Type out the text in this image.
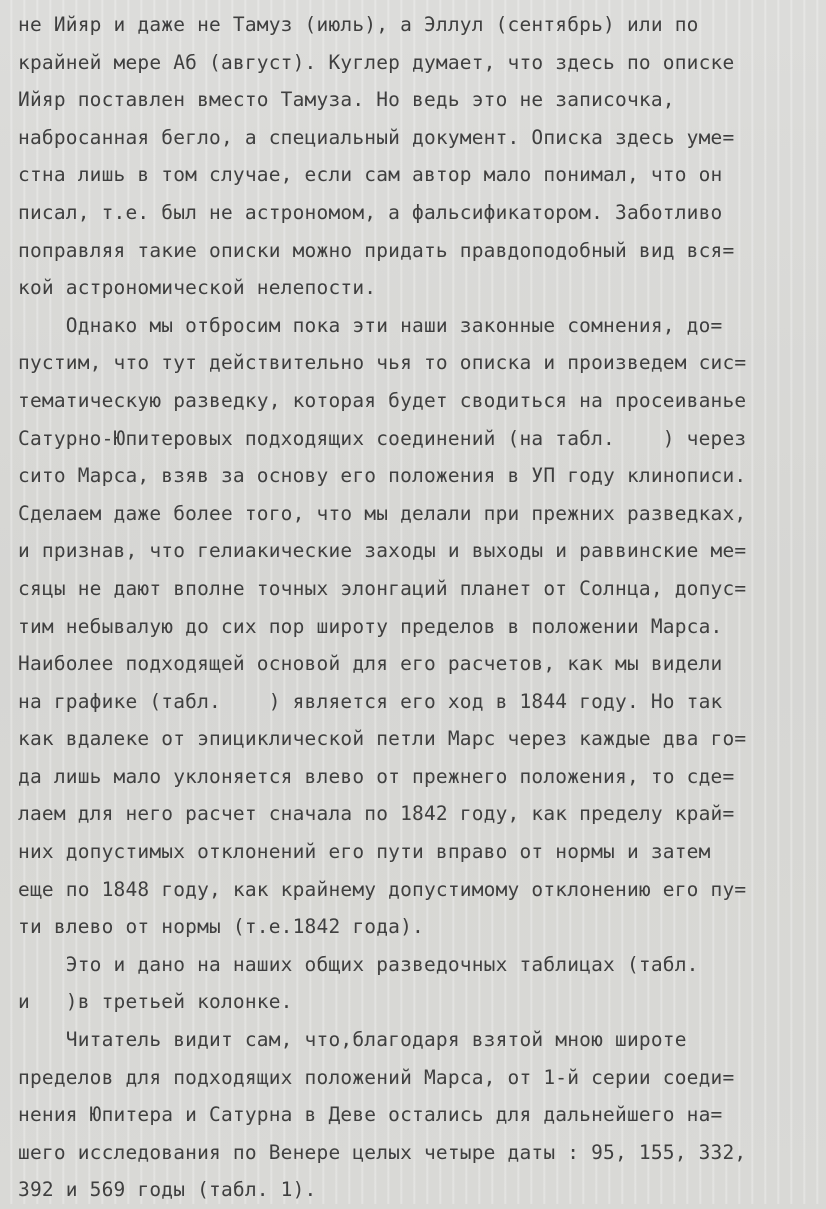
не Ийяр и даже не Тамуз (июль), а Эллул (сентябрь) или по
крайней мере Аб (август). Куглер думает, что здесь по описке
Ийяр поставлен вместо Тамуза. Но ведь это не записочка,
набросанная бегло, а специальный документ. Описка здесь уме=
стна лишь в том случае, если сам автор мало понимал, что он
писал, т.е. был не астрономом, а фальсификатором. Заботливо
поправляя такие описки можно придать правдоподобный вид вся=
кой астрономической нелепости.
Однако мы отбросим пока эти наши законные сомнения, до=
пустим, что тут действительно чья то описка и произведем сис=
тематическую разведку, которая будет сводиться на просеиванье
Сатурно-Юпитеровых подходящих соединений (на табл.    ) через
сито Марса, взяв за основу его положения в УП году клинописи.
Сделаем даже более того, что мы делали при прежних разведках,
и признав, что гелиакические заходы и выходы и раввинские ме=
сяцы не дают вполне точных элонгаций планет от Солнца, допус=
тим небывалую до сих пор широту пределов в положении Марса.
Наиболее подходящей основой для его расчетов, как мы видели
на графике (табл.    ) является его ход в 1844 году. Но так
как вдалеке от эпициклической петли Марс через каждые два го=
да лишь мало уклоняется влево от прежнего положения, то сде=
лаем для него расчет сначала по 1842 году, как пределу край=
них допустимых отклонений его пути вправо от нормы и затем
еще по 1848 году, как крайнему допустимому отклонению его пу=
ти влево от нормы (т.е.1842 года).
Это и дано на наших общих разведочных таблицах (табл.
и   )в третьей колонке.
Читатель видит сам, что,благодаря взятой мною широте
пределов для подходящих положений Марса, от 1-й серии соеди=
нения Юпитера и Сатурна в Деве остались для дальнейшего на=
шего исследования по Венере целых четыре даты : 95, 155, 332,
392 и 569 годы (табл. 1).
